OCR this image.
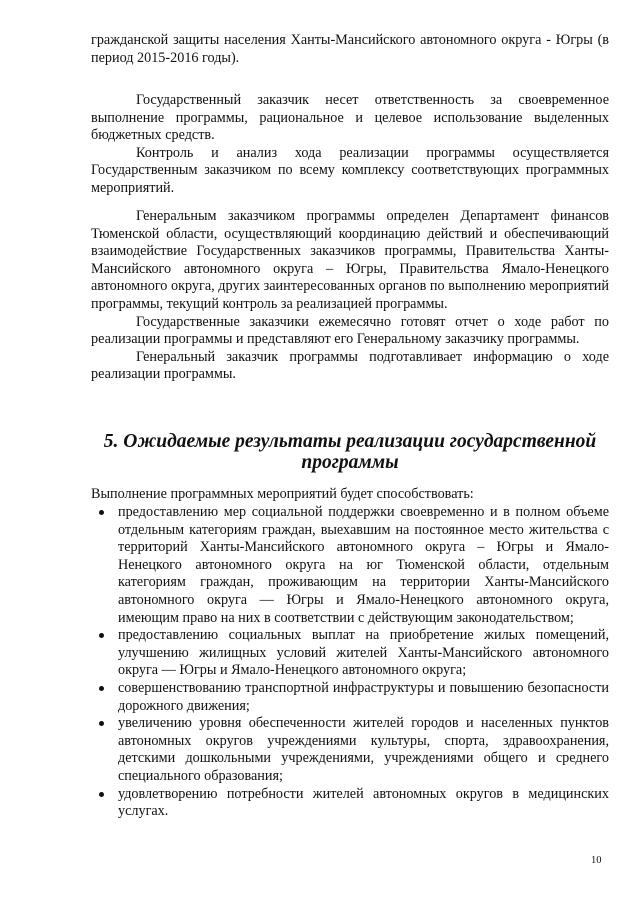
гражданской защиты населения Ханты-Мансийского автономного округа - Югры (в период 2015-2016 годы).

Государственный заказчик несет ответственность за своевременное выполнение программы, рациональное и целевое использование выделенных бюджетных средств.

Контроль и анализ хода реализации программы осуществляется Государственным заказчиком по всему комплексу соответствующих программных мероприятий.

Генеральным заказчиком программы определен Департамент финансов Тюменской области, осуществляющий координацию действий и обеспечивающий взаимодействие Государственных заказчиков программы, Правительства Ханты-Мансийского автономного округа – Югры, Правительства Ямало-Ненецкого автономного округа, других заинтересованных органов по выполнению мероприятий программы, текущий контроль за реализацией программы.

Государственные заказчики ежемесячно готовят отчет о ходе работ по реализации программы и представляют его Генеральному заказчику программы.

Генеральный заказчик программы подготавливает информацию о ходе реализации программы.

5. Ожидаемые результаты реализации государственной
программы

Выполнение программных мероприятий будет способствовать:

предоставлению мер социальной поддержки своевременно и в полном объеме отдельным категориям граждан, выехавшим на постоянное место жительства с территорий Ханты-Мансийского автономного округа – Югры и Ямало-Ненецкого автономного округа на юг Тюменской области, отдельным категориям граждан, проживающим на территории Ханты-Мансийского автономного округа — Югры и Ямало-Ненецкого автономного округа, имеющим право на них в соответствии с действующим законодательством;
предоставлению социальных выплат на приобретение жилых помещений, улучшению жилищных условий жителей Ханты-Мансийского автономного округа — Югры и Ямало-Ненецкого автономного округа;
совершенствованию транспортной инфраструктуры и повышению безопасности дорожного движения;
увеличению уровня обеспеченности жителей городов и населенных пунктов автономных округов учреждениями культуры, спорта, здравоохранения, детскими дошкольными учреждениями, учреждениями общего и среднего специального образования;
удовлетворению потребности жителей автономных округов в медицинских услугах.
10
